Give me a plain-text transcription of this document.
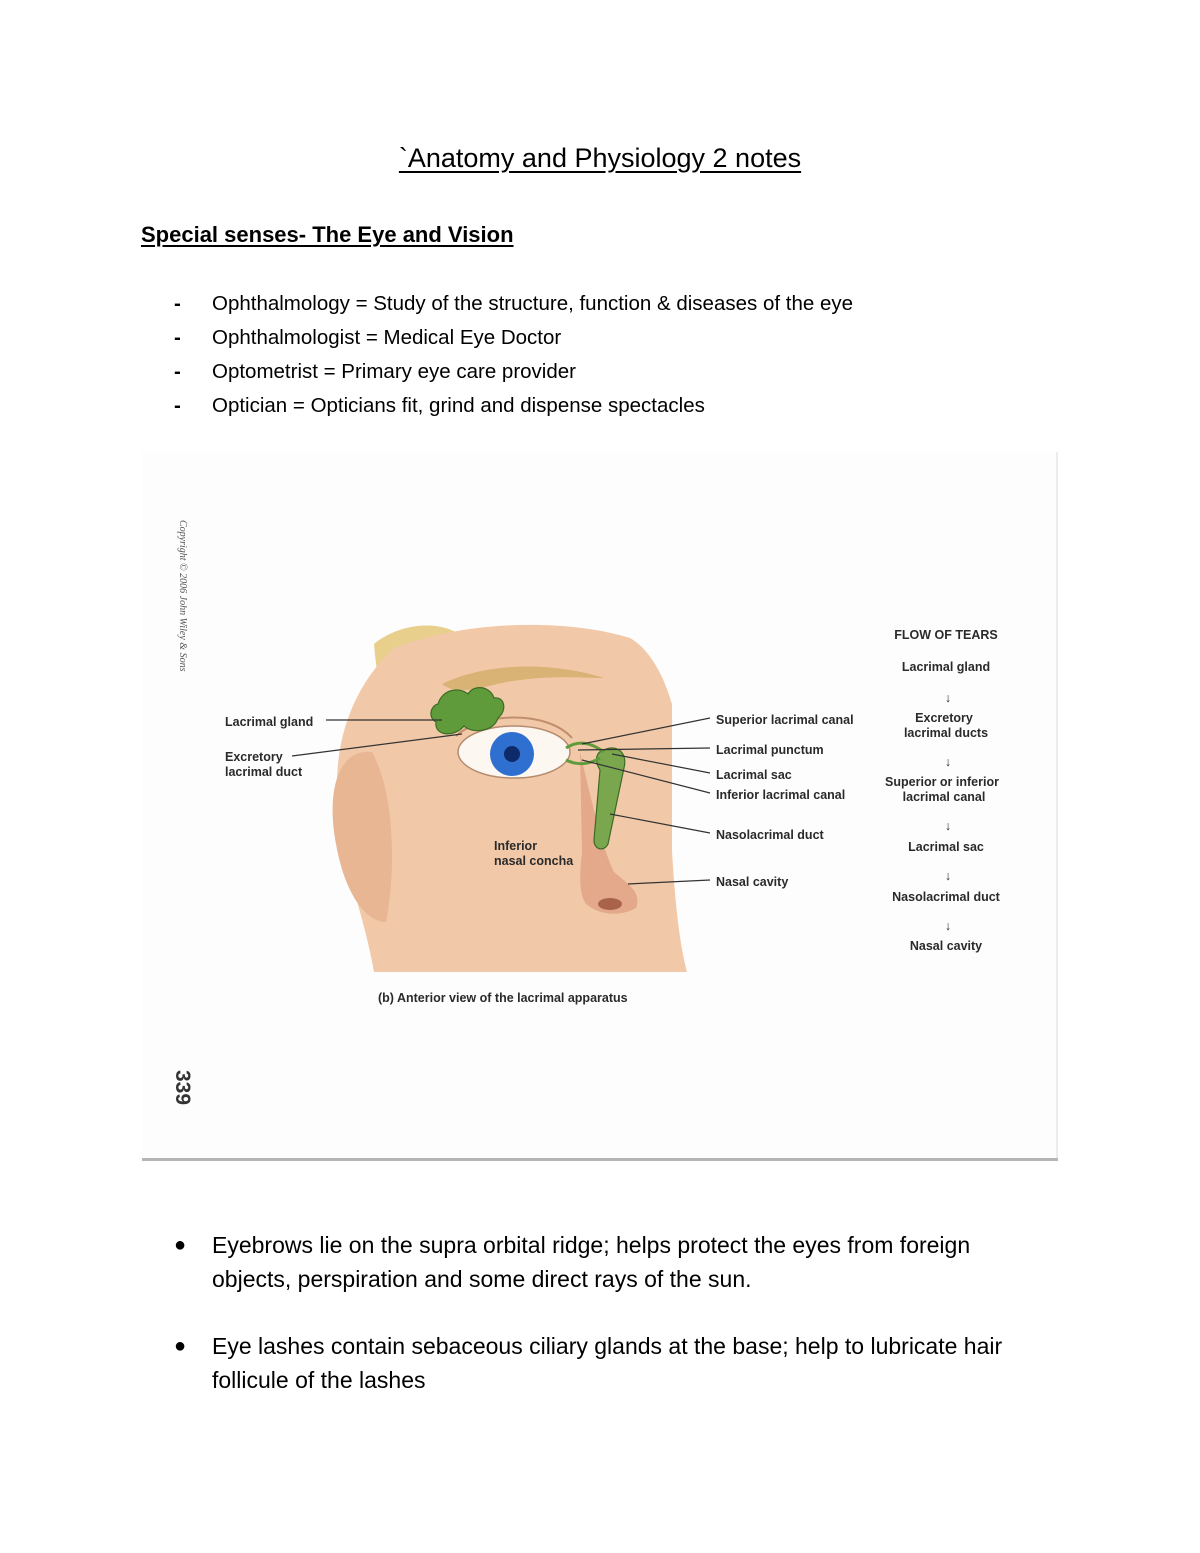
`Anatomy and Physiology 2 notes
Special senses- The Eye and Vision
- Ophthalmology = Study of the structure, function & diseases of the eye
- Ophthalmologist = Medical Eye Doctor
- Optometrist = Primary eye care provider
- Optician = Opticians fit, grind and dispense spectacles
Copyright © 2006 John Wiley & Sons
339
Lacrimal gland
Excretory
lacrimal duct
Inferior
nasal concha
Superior lacrimal canal
Lacrimal punctum
Lacrimal sac
Inferior lacrimal canal
Nasolacrimal duct
Nasal cavity
FLOW OF TEARS
Lacrimal gland
↓
Excretory
lacrimal ducts
↓
Superior or inferior
lacrimal canal
↓
Lacrimal sac
↓
Nasolacrimal duct
↓
Nasal cavity
(b) Anterior view of the lacrimal apparatus
● Eyebrows lie on the supra orbital ridge; helps protect the eyes from foreign objects, perspiration and some direct rays of the sun.
● Eye lashes contain sebaceous ciliary glands at the base; help to lubricate hair follicule of the lashes
